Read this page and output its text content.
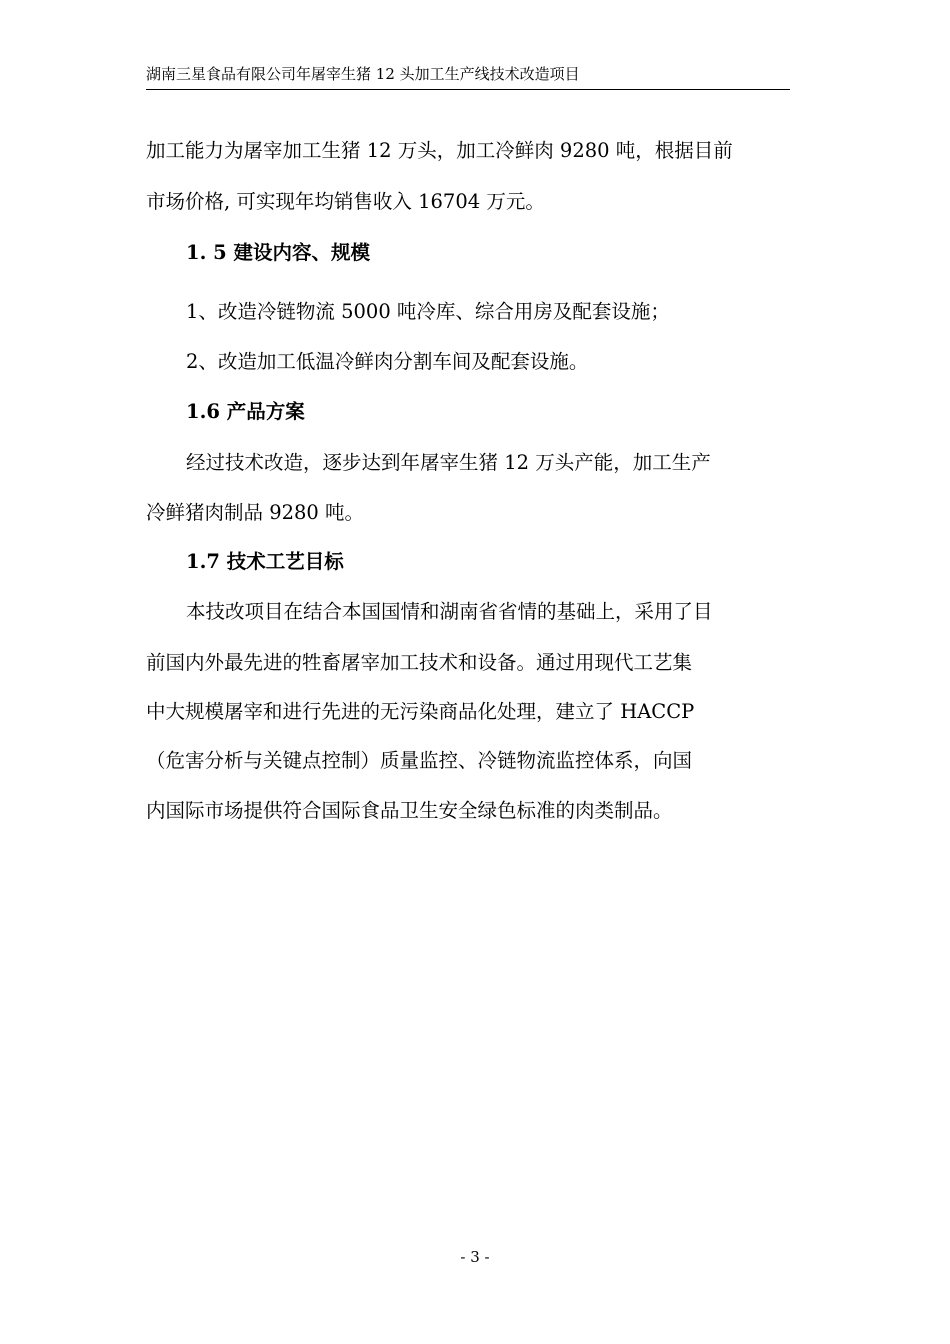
湖南三星食品有限公司年屠宰生猪 12 头加工生产线技术改造项目
加工能力为屠宰加工生猪 12 万头，加工冷鲜肉 9280 吨，根据目前
市场价格, 可实现年均销售收入 16704 万元。
1. 5 建设内容、规模
1、改造冷链物流 5000 吨冷库、综合用房及配套设施；
2、改造加工低温冷鲜肉分割车间及配套设施。
1.6 产品方案
经过技术改造，逐步达到年屠宰生猪 12 万头产能，加工生产
冷鲜猪肉制品 9280 吨。
1.7 技术工艺目标
本技改项目在结合本国国情和湖南省省情的基础上，采用了目
前国内外最先进的牲畜屠宰加工技术和设备。通过用现代工艺集
中大规模屠宰和进行先进的无污染商品化处理，建立了 HACCP
（危害分析与关键点控制）质量监控、冷链物流监控体系，向国
内国际市场提供符合国际食品卫生安全绿色标准的肉类制品。
- 3 -
